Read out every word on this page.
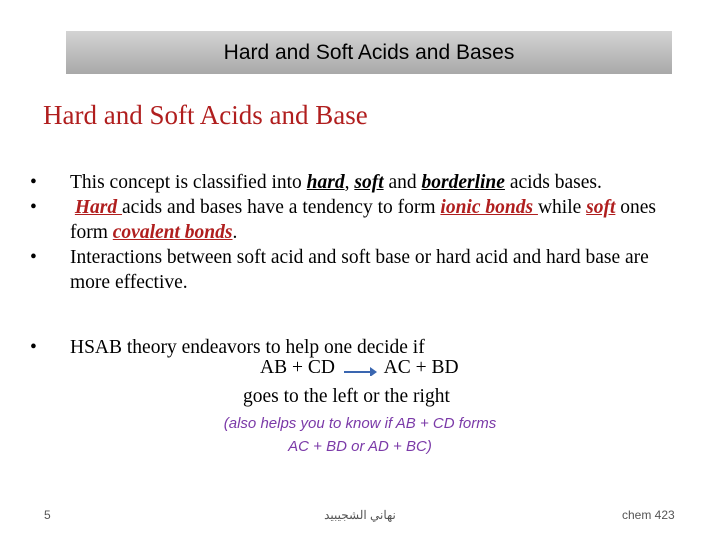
Hard and Soft Acids and Bases
Hard and Soft Acids and Base
•	This concept is classified into hard, soft and borderline acids bases.
•	Hard acids and bases have a tendency to form ionic bonds while soft ones form covalent bonds.
•	Interactions between soft acid and soft base or hard acid and hard base are more effective.
•	HSAB theory endeavors to help one decide if
AB + CD AC + BD
goes to the left or the right
(also helps you to know if AB + CD forms
AC + BD or AD + BC)
5	نهاني الشجيبيد	chem 423
